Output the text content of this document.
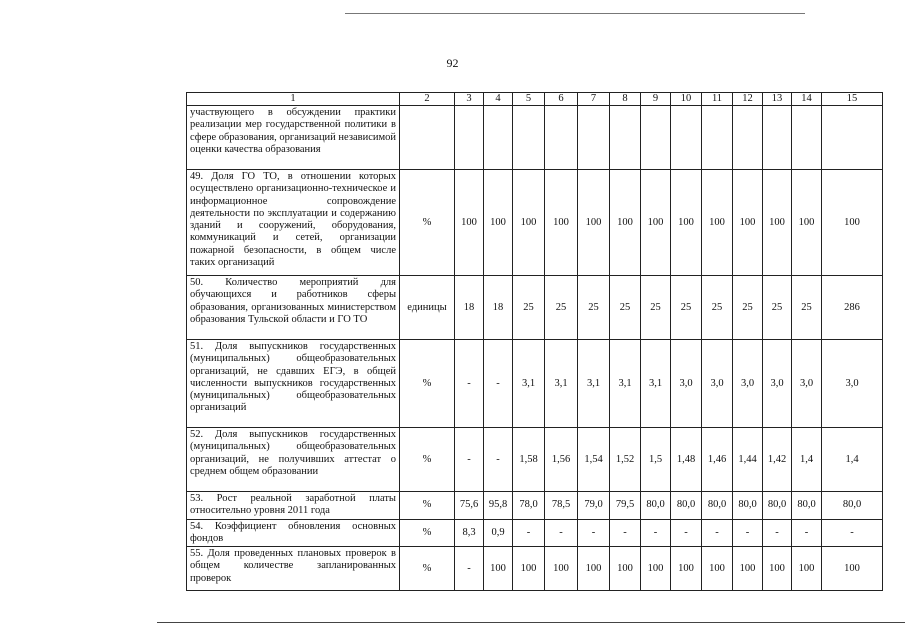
92
1	2	3	4	5	6	7	8	9	10	11	12	13	14	15
участвующего в обсуждении практики реализации мер государственной политики в сфере образования, организаций независимой оценки качества образования														
49. Доля ГО ТО, в отношении которых осуществлено организационно-техническое и информационное сопровождение деятельности по эксплуатации и содержанию зданий и сооружений, оборудования, коммуникаций и сетей, организации пожарной безопасности, в общем числе таких организаций	%	100	100	100	100	100	100	100	100	100	100	100	100	100
50. Количество мероприятий для обучающихся и работников сферы образования, организованных министерством образования Тульской области и ГО ТО	единицы	18	18	25	25	25	25	25	25	25	25	25	25	286
51. Доля выпускников государственных (муниципальных) общеобразовательных организаций, не сдавших ЕГЭ, в общей численности выпускников государственных (муниципальных) общеобразовательных организаций	%	-	-	3,1	3,1	3,1	3,1	3,1	3,0	3,0	3,0	3,0	3,0	3,0
52. Доля выпускников государственных (муниципальных) общеобразовательных организаций, не получивших аттестат о среднем общем образовании	%	-	-	1,58	1,56	1,54	1,52	1,5	1,48	1,46	1,44	1,42	1,4	1,4
53. Рост реальной заработной платы относительно уровня 2011 года	%	75,6	95,8	78,0	78,5	79,0	79,5	80,0	80,0	80,0	80,0	80,0	80,0	80,0
54. Коэффициент обновления основных фондов	%	8,3	0,9	-	-	-	-	-	-	-	-	-	-	-
55. Доля проведенных плановых проверок в общем количестве запланированных проверок	%	-	100	100	100	100	100	100	100	100	100	100	100	100
